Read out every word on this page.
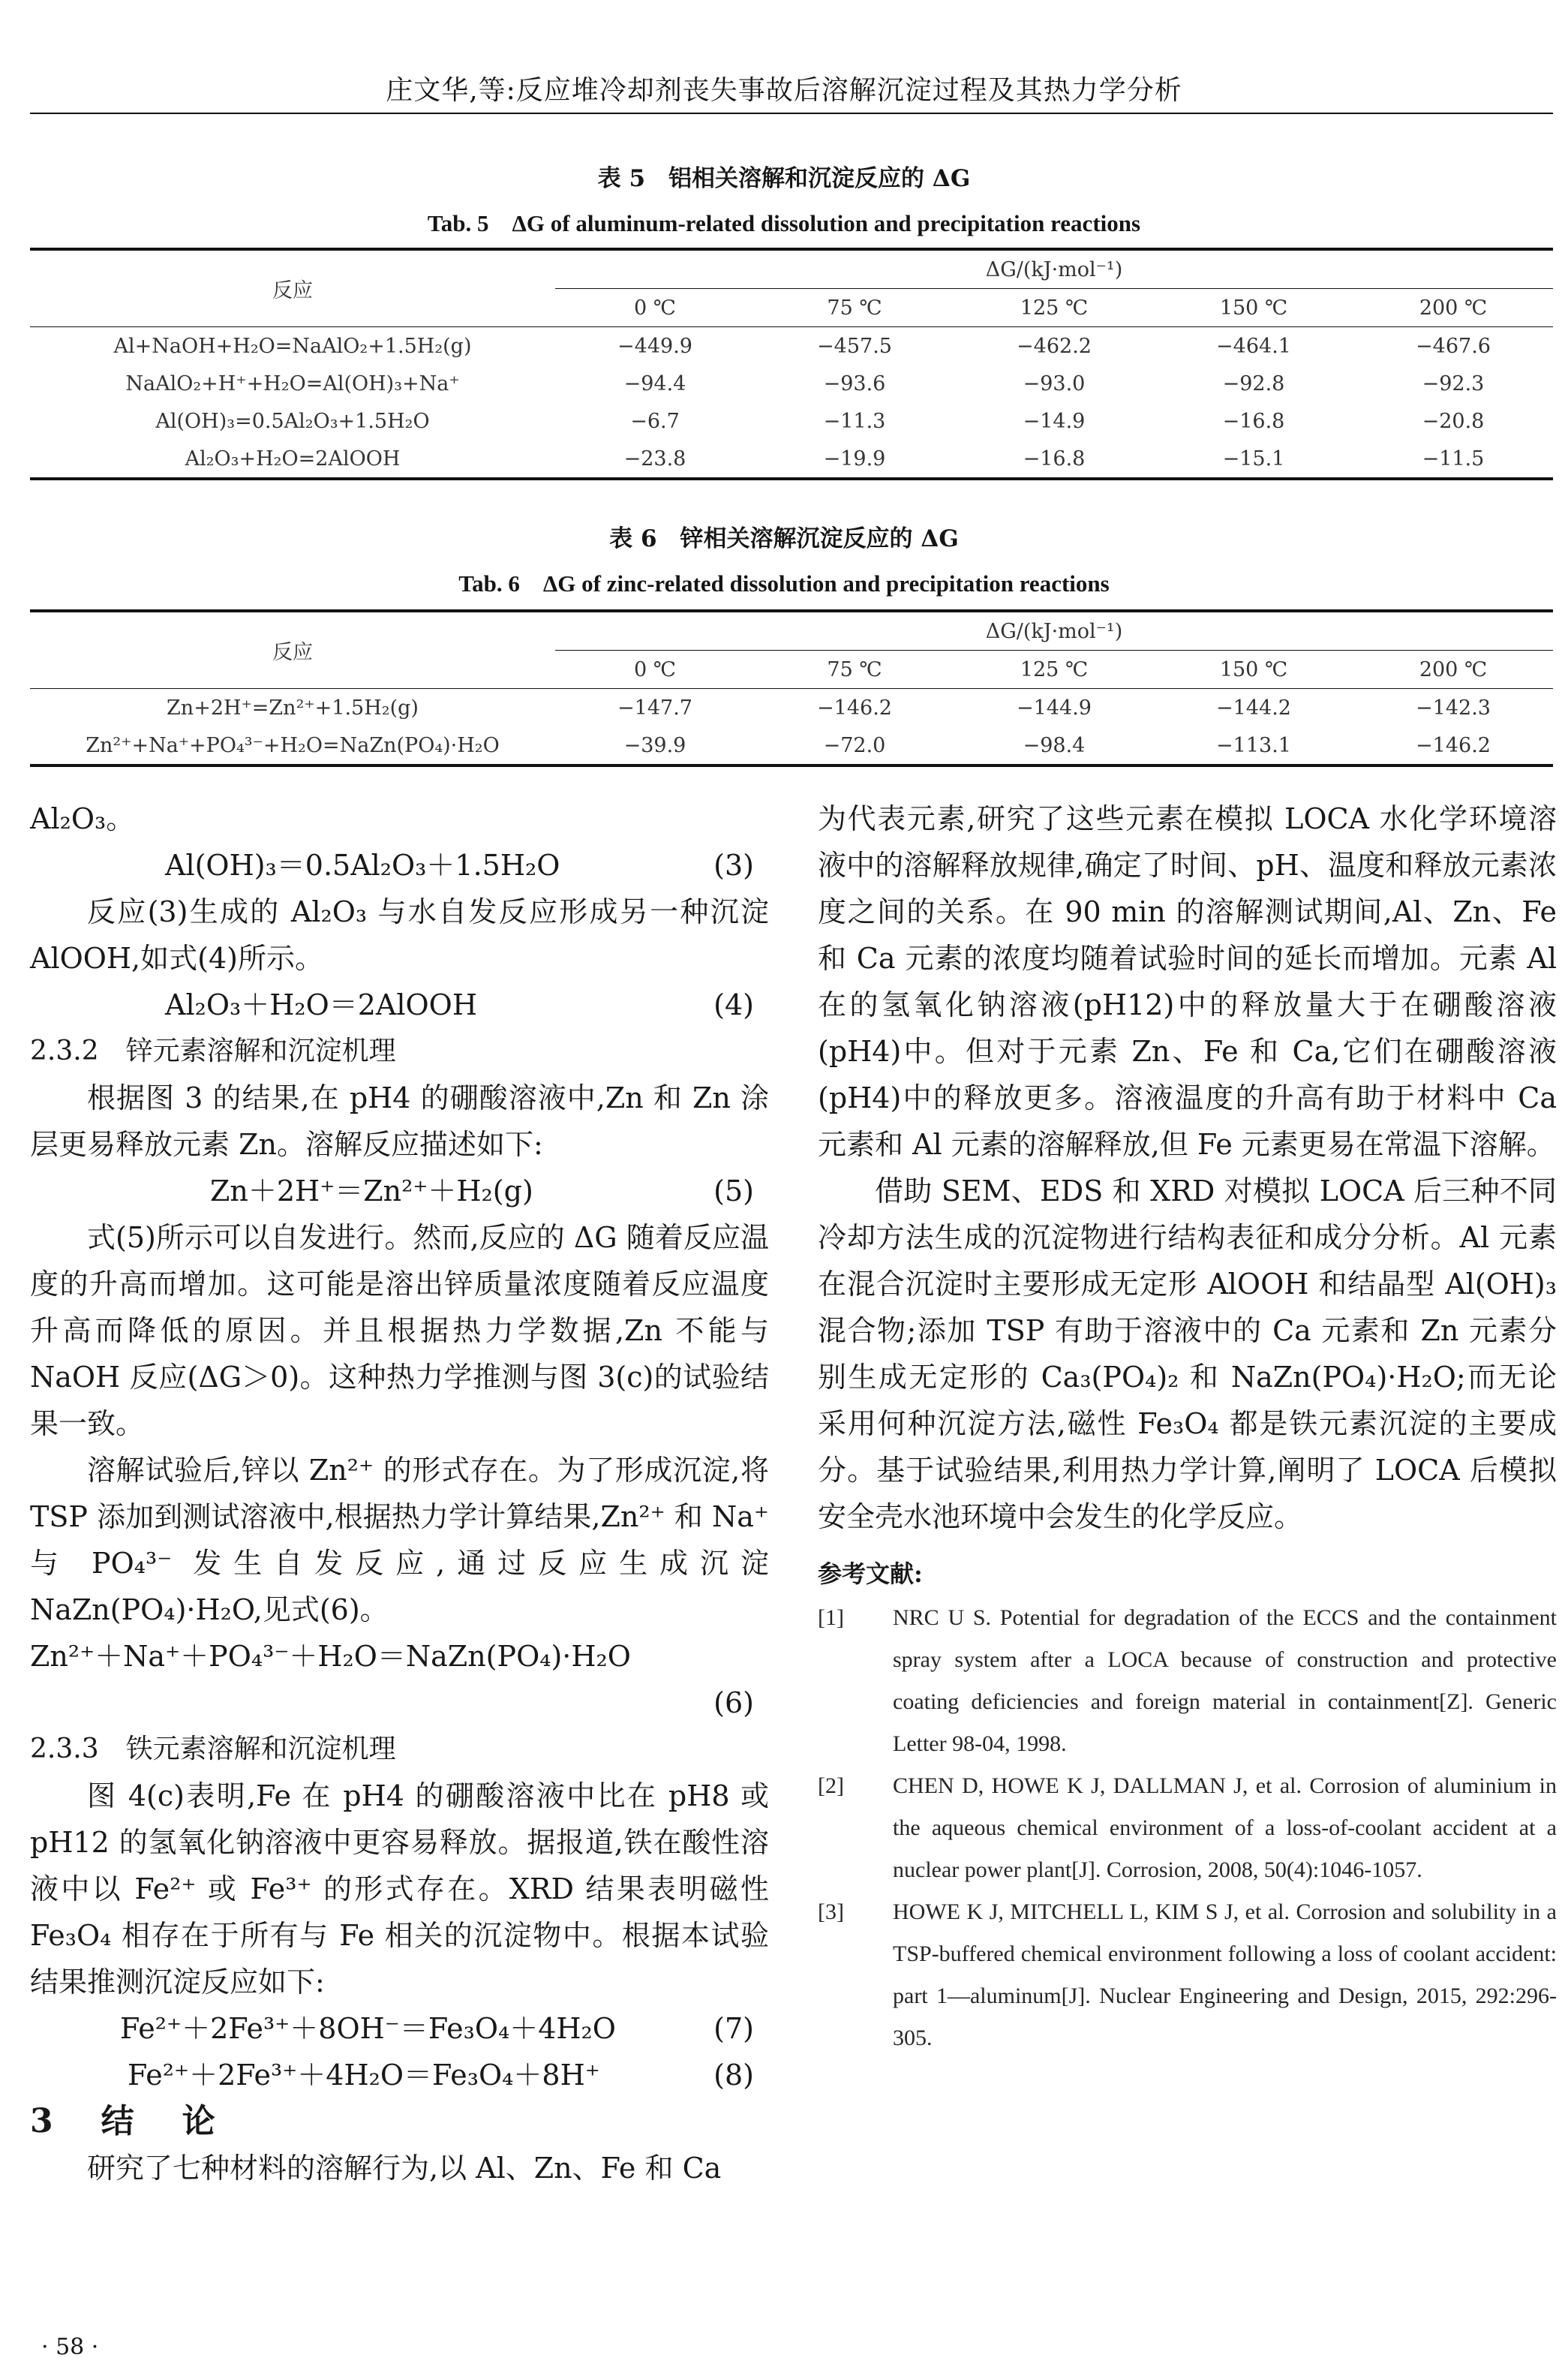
庄文华,等:反应堆冷却剂丧失事故后溶解沉淀过程及其热力学分析
表 5　铝相关溶解和沉淀反应的 ΔG
Tab. 5　ΔG of aluminum-related dissolution and precipitation reactions
反应	ΔG/(kJ·mol⁻¹)				
	0 ℃	75 ℃	125 ℃	150 ℃	200 ℃
Al+NaOH+H₂O=NaAlO₂+1.5H₂(g)	−449.9	−457.5	−462.2	−464.1	−467.6
NaAlO₂+H⁺+H₂O=Al(OH)₃+Na⁺	−94.4	−93.6	−93.0	−92.8	−92.3
Al(OH)₃=0.5Al₂O₃+1.5H₂O	−6.7	−11.3	−14.9	−16.8	−20.8
Al₂O₃+H₂O=2AlOOH	−23.8	−19.9	−16.8	−15.1	−11.5
表 6　锌相关溶解沉淀反应的 ΔG
Tab. 6　ΔG of zinc-related dissolution and precipitation reactions
反应	ΔG/(kJ·mol⁻¹)				
	0 ℃	75 ℃	125 ℃	150 ℃	200 ℃
Zn+2H⁺=Zn²⁺+1.5H₂(g)	−147.7	−146.2	−144.9	−144.2	−142.3
Zn²⁺+Na⁺+PO₄³⁻+H₂O=NaZn(PO₄)·H₂O	−39.9	−72.0	−98.4	−113.1	−146.2

Al₂O₃。

Al(OH)₃＝0.5Al₂O₃＋1.5H₂O	(3)

反应(3)生成的 Al₂O₃ 与水自发反应形成另一种沉淀 AlOOH,如式(4)所示。

Al₂O₃＋H₂O＝2AlOOH	(4)

2.3.2　锌元素溶解和沉淀机理

根据图 3 的结果,在 pH4 的硼酸溶液中,Zn 和 Zn 涂层更易释放元素 Zn。溶解反应描述如下:

Zn＋2H⁺＝Zn²⁺＋H₂(g)	(5)

式(5)所示可以自发进行。然而,反应的 ΔG 随着反应温度的升高而增加。这可能是溶出锌质量浓度随着反应温度升高而降低的原因。并且根据热力学数据,Zn 不能与 NaOH 反应(ΔG＞0)。这种热力学推测与图 3(c)的试验结果一致。

溶解试验后,锌以 Zn²⁺ 的形式存在。为了形成沉淀,将 TSP 添加到测试溶液中,根据热力学计算结果,Zn²⁺ 和 Na⁺ 与 PO₄³⁻ 发生自发反应,通过反应生成沉淀 NaZn(PO₄)·H₂O,见式(6)。

Zn²⁺＋Na⁺＋PO₄³⁻＋H₂O＝NaZn(PO₄)·H₂O
(6)

2.3.3　铁元素溶解和沉淀机理

图 4(c)表明,Fe 在 pH4 的硼酸溶液中比在 pH8 或 pH12 的氢氧化钠溶液中更容易释放。据报道,铁在酸性溶液中以 Fe²⁺ 或 Fe³⁺ 的形式存在。XRD 结果表明磁性 Fe₃O₄ 相存在于所有与 Fe 相关的沉淀物中。根据本试验结果推测沉淀反应如下:

Fe²⁺＋2Fe³⁺＋8OH⁻＝Fe₃O₄＋4H₂O	(7)
Fe²⁺＋2Fe³⁺＋4H₂O＝Fe₃O₄＋8H⁺	(8)

3　结　论

研究了七种材料的溶解行为,以 Al、Zn、Fe 和 Ca

为代表元素,研究了这些元素在模拟 LOCA 水化学环境溶液中的溶解释放规律,确定了时间、pH、温度和释放元素浓度之间的关系。在 90 min 的溶解测试期间,Al、Zn、Fe 和 Ca 元素的浓度均随着试验时间的延长而增加。元素 Al 在的氢氧化钠溶液(pH12)中的释放量大于在硼酸溶液(pH4)中。但对于元素 Zn、Fe 和 Ca,它们在硼酸溶液(pH4)中的释放更多。溶液温度的升高有助于材料中 Ca 元素和 Al 元素的溶解释放,但 Fe 元素更易在常温下溶解。

借助 SEM、EDS 和 XRD 对模拟 LOCA 后三种不同冷却方法生成的沉淀物进行结构表征和成分分析。Al 元素在混合沉淀时主要形成无定形 AlOOH 和结晶型 Al(OH)₃ 混合物;添加 TSP 有助于溶液中的 Ca 元素和 Zn 元素分别生成无定形的 Ca₃(PO₄)₂ 和 NaZn(PO₄)·H₂O;而无论采用何种沉淀方法,磁性 Fe₃O₄ 都是铁元素沉淀的主要成分。基于试验结果,利用热力学计算,阐明了 LOCA 后模拟安全壳水池环境中会发生的化学反应。

参考文献:

[1]	NRC U S. Potential for degradation of the ECCS and the containment spray system after a LOCA because of construction and protective coating deficiencies and foreign material in containment[Z]. Generic Letter 98-04, 1998.
[2]	CHEN D, HOWE K J, DALLMAN J, et al. Corrosion of aluminium in the aqueous chemical environment of a loss-of-coolant accident at a nuclear power plant[J]. Corrosion, 2008, 50(4):1046-1057.
[3]	HOWE K J, MITCHELL L, KIM S J, et al. Corrosion and solubility in a TSP-buffered chemical environment following a loss of coolant accident: part 1—aluminum[J]. Nuclear Engineering and Design, 2015, 292:296-305.
· 58 ·
